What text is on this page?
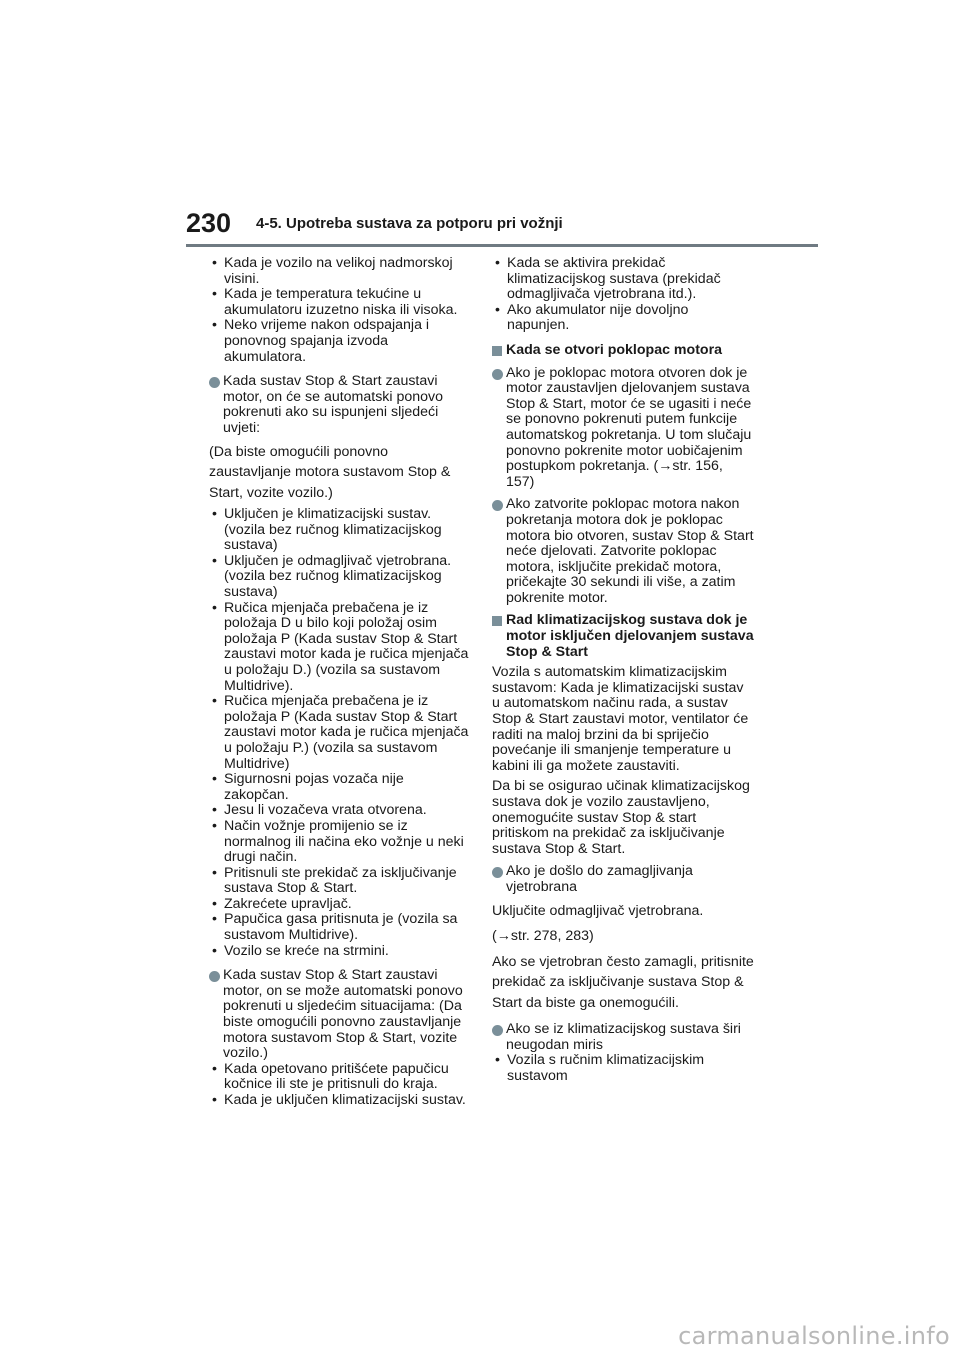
230 4-5. Upotreba sustava za potporu pri vožnji
• Kada je vozilo na velikoj nadmorskoj visini.
• Kada je temperatura tekućine u akumulatoru izuzetno niska ili visoka.
• Neko vrijeme nakon odspajanja i ponovnog spajanja izvoda akumulatora.
Kada sustav Stop & Start zaustavi motor, on će se automatski ponovo pokrenuti ako su ispunjeni sljedeći uvjeti:
(Da biste omogućili ponovno zaustavljanje motora sustavom Stop & Start, vozite vozilo.)
• Uključen je klimatizacijski sustav. (vozila bez ručnog klimatizacijskog sustava)
• Uključen je odmagljivač vjetrobrana. (vozila bez ručnog klimatizacijskog sustava)
• Ručica mjenjača prebačena je iz položaja D u bilo koji položaj osim položaja P (Kada sustav Stop & Start zaustavi motor kada je ručica mjenjača u položaju D.) (vozila sa sustavom Multidrive).
• Ručica mjenjača prebačena je iz položaja P (Kada sustav Stop & Start zaustavi motor kada je ručica mjenjača u položaju P.) (vozila sa sustavom Multidrive)
• Sigurnosni pojas vozača nije zakopčan.
• Jesu li vozačeva vrata otvorena.
• Način vožnje promijenio se iz normalnog ili načina eko vožnje u neki drugi način.
• Pritisnuli ste prekidač za isključivanje sustava Stop & Start.
• Zakrećete upravljač.
• Papučica gasa pritisnuta je (vozila sa sustavom Multidrive).
• Vozilo se kreće na strmini.
Kada sustav Stop & Start zaustavi motor, on se može automatski ponovo pokrenuti u sljedećim situacijama: (Da biste omogućili ponovno zaustavljanje motora sustavom Stop & Start, vozite vozilo.)
• Kada opetovano pritišćete papučicu kočnice ili ste je pritisnuli do kraja.
• Kada je uključen klimatizacijski sustav.
• Kada se aktivira prekidač klimatizacijskog sustava (prekidač odmagljivača vjetrobrana itd.).
• Ako akumulator nije dovoljno napunjen.
Kada se otvori poklopac motora
Ako je poklopac motora otvoren dok je motor zaustavljen djelovanjem sustava Stop & Start, motor će se ugasiti i neće se ponovno pokrenuti putem funkcije automatskog pokretanja. U tom slučaju ponovno pokrenite motor uobičajenim postupkom pokretanja. (→str. 156, 157)
Ako zatvorite poklopac motora nakon pokretanja motora dok je poklopac motora bio otvoren, sustav Stop & Start neće djelovati. Zatvorite poklopac motora, isključite prekidač motora, pričekajte 30 sekundi ili više, a zatim pokrenite motor.
Rad klimatizacijskog sustava dok je motor isključen djelovanjem sustava Stop & Start
Vozila s automatskim klimatizacijskim sustavom: Kada je klimatizacijski sustav u automatskom načinu rada, a sustav Stop & Start zaustavi motor, ventilator će raditi na maloj brzini da bi spriječio povećanje ili smanjenje temperature u kabini ili ga možete zaustaviti.
Da bi se osigurao učinak klimatizacijskog sustava dok je vozilo zaustavljeno, onemogućite sustav Stop & start pritiskom na prekidač za isključivanje sustava Stop & Start.
Ako je došlo do zamagljivanja vjetrobrana
Uključite odmagljivač vjetrobrana.
(→str. 278, 283)
Ako se vjetrobran često zamagli, pritisnite prekidač za isključivanje sustava Stop & Start da biste ga onemogućili.
Ako se iz klimatizacijskog sustava širi neugodan miris
• Vozila s ručnim klimatizacijskim sustavom
carmanualsonline.info
